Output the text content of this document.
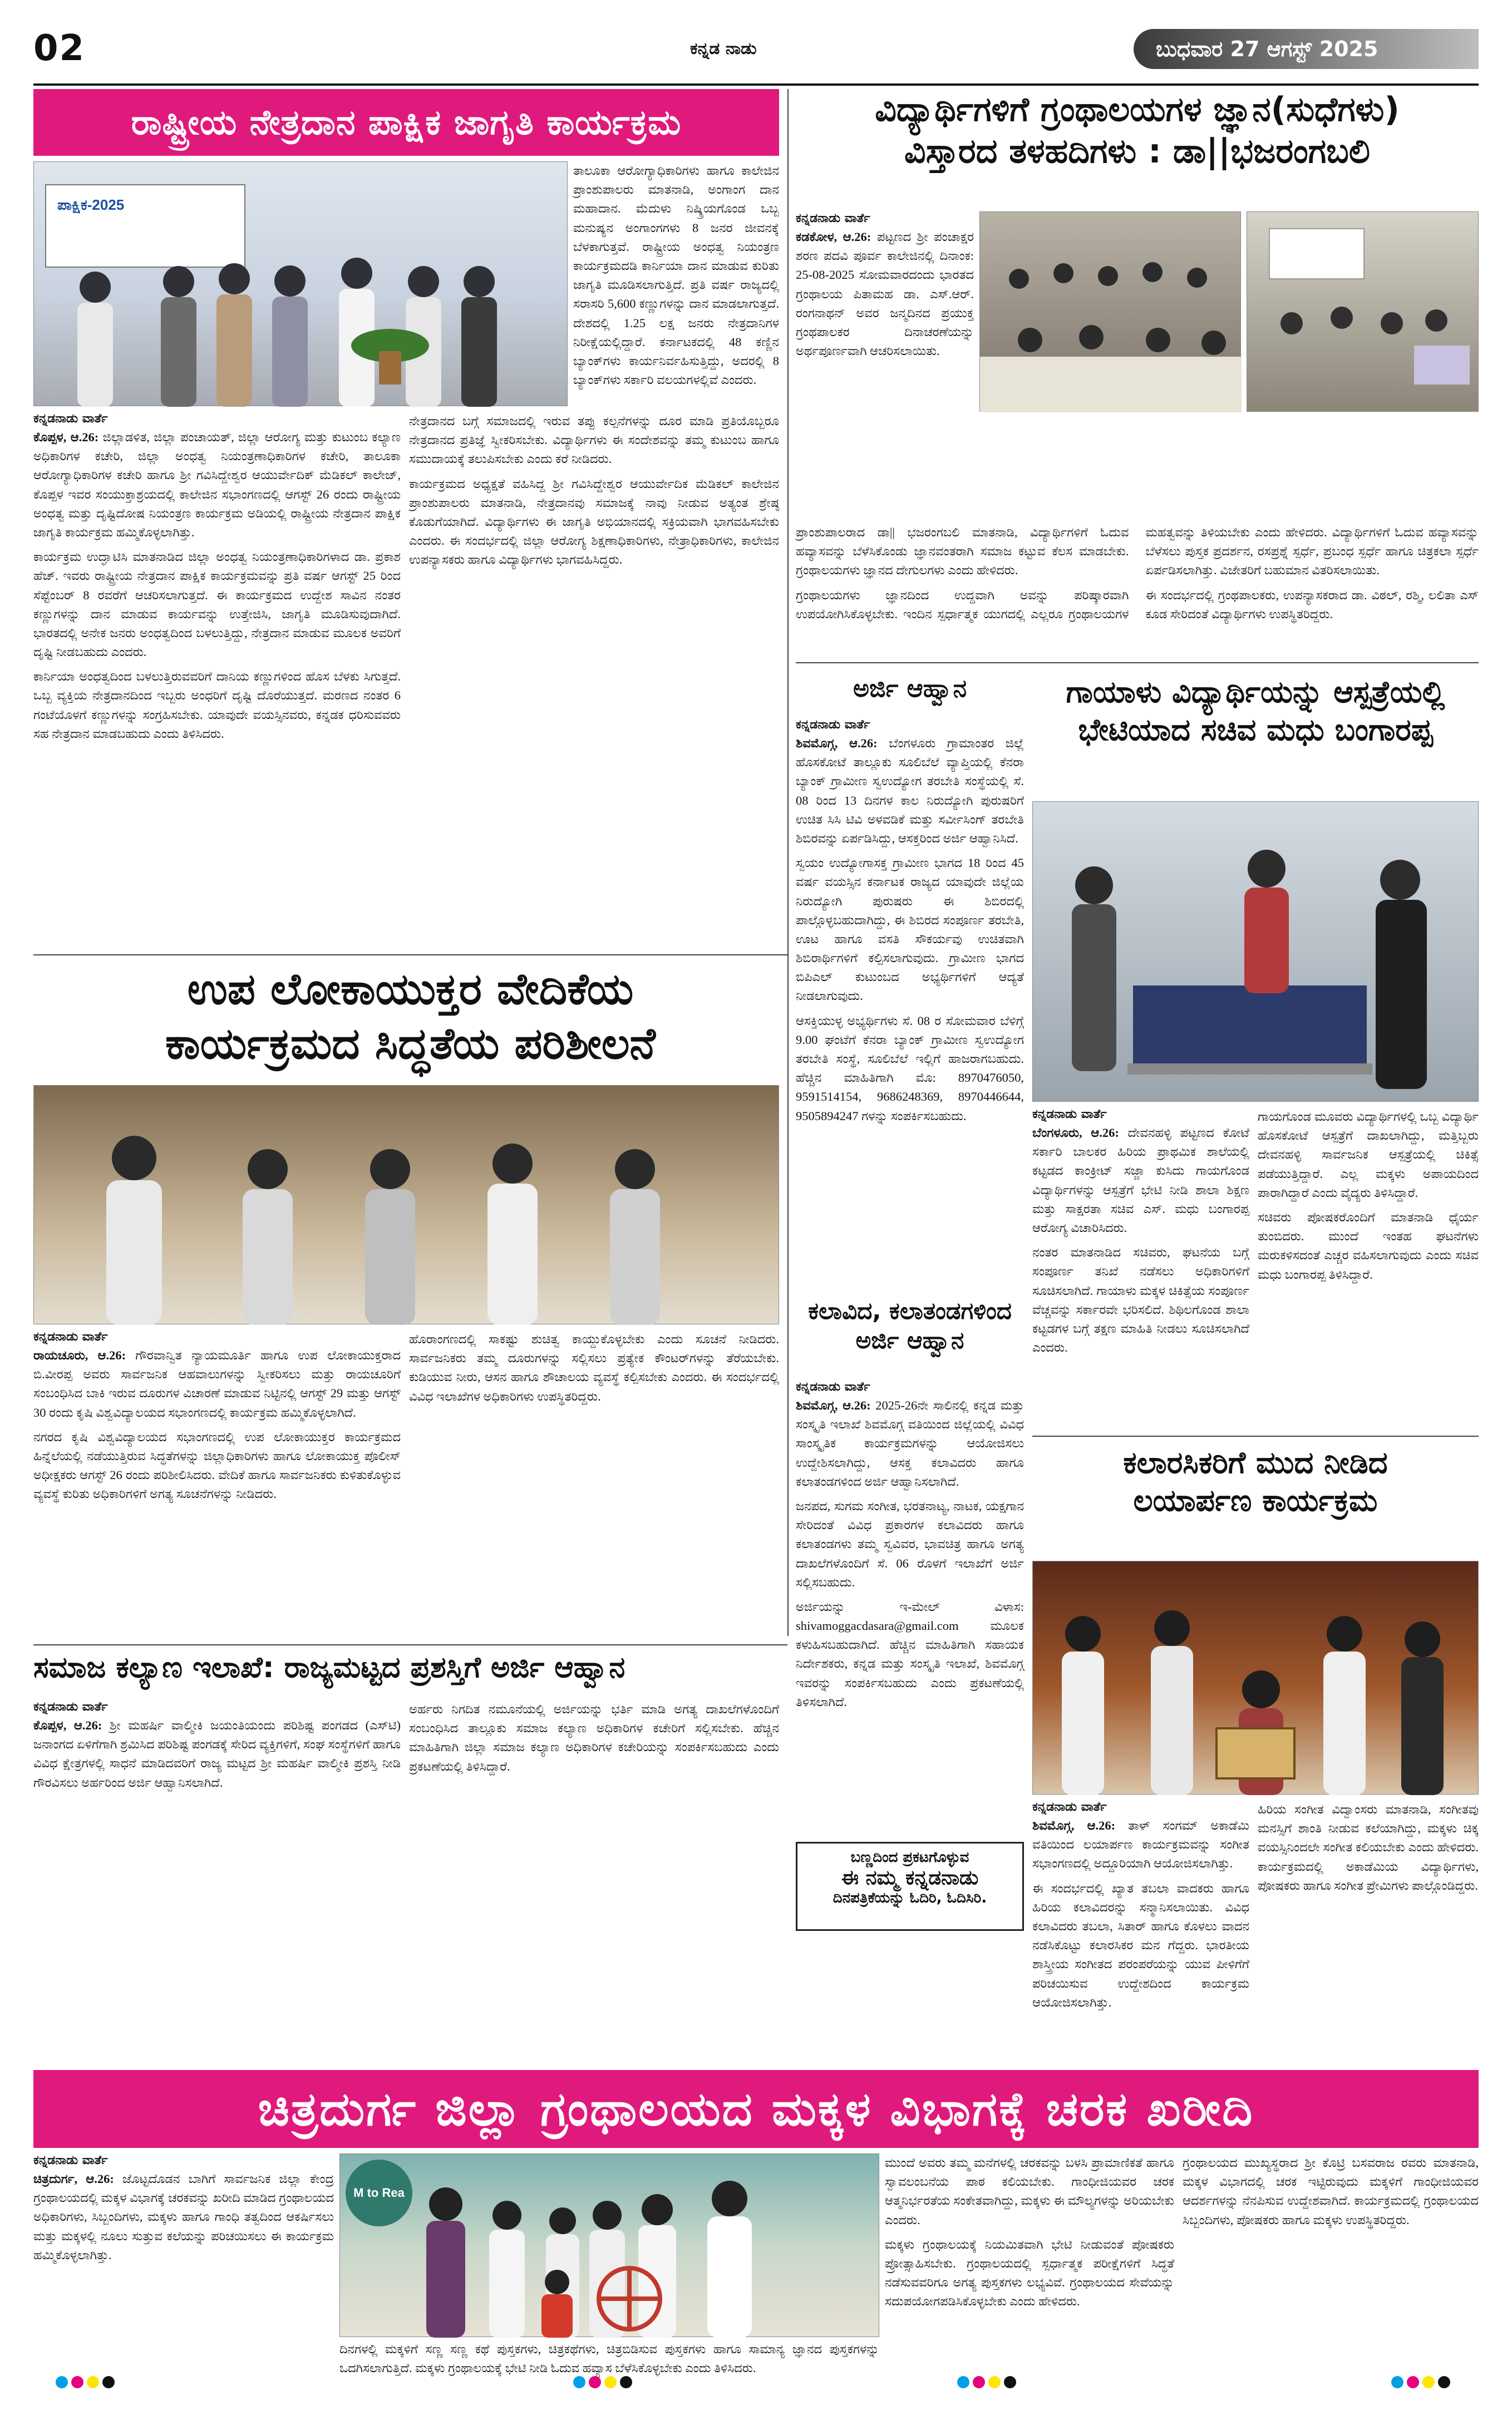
02	ಕನ್ನಡ ನಾಡು	ಬುಧವಾರ 27 ಆಗಸ್ಟ್ 2025
ರಾಷ್ಟ್ರೀಯ ನೇತ್ರದಾನ ಪಾಕ್ಷಿಕ ಜಾಗೃತಿ ಕಾರ್ಯಕ್ರಮ
ಪಾಕ್ಷಿಕ-2025

ತಾಲೂಕಾ ಆರೋಗ್ಯಾಧಿಕಾರಿಗಳು ಹಾಗೂ ಕಾಲೇಜಿನ ಪ್ರಾಂಶುಪಾಲರು ಮಾತನಾಡಿ, ಅಂಗಾಂಗ ದಾನ ಮಹಾದಾನ. ಮೆದುಳು ನಿಷ್ಕ್ರಿಯಗೊಂಡ ಒಬ್ಬ ಮನುಷ್ಯನ ಅಂಗಾಂಗಗಳು 8 ಜನರ ಜೀವನಕ್ಕೆ ಬೆಳಕಾಗುತ್ತವೆ. ರಾಷ್ಟ್ರೀಯ ಅಂಧತ್ವ ನಿಯಂತ್ರಣ ಕಾರ್ಯಕ್ರಮದಡಿ ಕಾರ್ನಿಯಾ ದಾನ ಮಾಡುವ ಕುರಿತು ಜಾಗೃತಿ ಮೂಡಿಸಲಾಗುತ್ತಿದೆ. ಪ್ರತಿ ವರ್ಷ ರಾಜ್ಯದಲ್ಲಿ ಸರಾಸರಿ 5,600 ಕಣ್ಣುಗಳನ್ನು ದಾನ ಮಾಡಲಾಗುತ್ತದೆ. ದೇಶದಲ್ಲಿ 1.25 ಲಕ್ಷ ಜನರು ನೇತ್ರದಾನಿಗಳ ನಿರೀಕ್ಷೆಯಲ್ಲಿದ್ದಾರೆ. ಕರ್ನಾಟಕದಲ್ಲಿ 48 ಕಣ್ಣಿನ ಬ್ಯಾಂಕ್‌ಗಳು ಕಾರ್ಯನಿರ್ವಹಿಸುತ್ತಿದ್ದು, ಅದರಲ್ಲಿ 8 ಬ್ಯಾಂಕ್‌ಗಳು ಸರ್ಕಾರಿ ವಲಯಗಳಲ್ಲಿವೆ ಎಂದರು.

ಕನ್ನಡನಾಡು ವಾರ್ತೆ

ಕೊಪ್ಪಳ, ಆ.26: ಜಿಲ್ಲಾಡಳಿತ, ಜಿಲ್ಲಾ ಪಂಚಾಯತ್, ಜಿಲ್ಲಾ ಆರೋಗ್ಯ ಮತ್ತು ಕುಟುಂಬ ಕಲ್ಯಾಣ ಅಧಿಕಾರಿಗಳ ಕಚೇರಿ, ಜಿಲ್ಲಾ ಅಂಧತ್ವ ನಿಯಂತ್ರಣಾಧಿಕಾರಿಗಳ ಕಚೇರಿ, ತಾಲೂಕಾ ಆರೋಗ್ಯಾಧಿಕಾರಿಗಳ ಕಚೇರಿ ಹಾಗೂ ಶ್ರೀ ಗವಿಸಿದ್ದೇಶ್ವರ ಆಯುರ್ವೇದಿಕ್ ಮೆಡಿಕಲ್ ಕಾಲೇಜ್, ಕೊಪ್ಪಳ ಇವರ ಸಂಯುಕ್ತಾಶ್ರಯದಲ್ಲಿ ಕಾಲೇಜಿನ ಸಭಾಂಗಣದಲ್ಲಿ ಆಗಸ್ಟ್ 26 ರಂದು ರಾಷ್ಟ್ರೀಯ ಅಂಧತ್ವ ಮತ್ತು ದೃಷ್ಟಿದೋಷ ನಿಯಂತ್ರಣ ಕಾರ್ಯಕ್ರಮ ಅಡಿಯಲ್ಲಿ ರಾಷ್ಟ್ರೀಯ ನೇತ್ರದಾನ ಪಾಕ್ಷಿಕ ಜಾಗೃತಿ ಕಾರ್ಯಕ್ರಮ ಹಮ್ಮಿಕೊಳ್ಳಲಾಗಿತ್ತು.

ಕಾರ್ಯಕ್ರಮ ಉದ್ಘಾಟಿಸಿ ಮಾತನಾಡಿದ ಜಿಲ್ಲಾ ಅಂಧತ್ವ ನಿಯಂತ್ರಣಾಧಿಕಾರಿಗಳಾದ ಡಾ. ಪ್ರಕಾಶ ಹೆಚ್. ಇವರು ರಾಷ್ಟ್ರೀಯ ನೇತ್ರದಾನ ಪಾಕ್ಷಿಕ ಕಾರ್ಯಕ್ರಮವನ್ನು ಪ್ರತಿ ವರ್ಷ ಆಗಸ್ಟ್ 25 ರಿಂದ ಸೆಪ್ಟೆಂಬರ್ 8 ರವರೆಗೆ ಆಚರಿಸಲಾಗುತ್ತದೆ. ಈ ಕಾರ್ಯಕ್ರಮದ ಉದ್ದೇಶ ಸಾವಿನ ನಂತರ ಕಣ್ಣುಗಳನ್ನು ದಾನ ಮಾಡುವ ಕಾರ್ಯವನ್ನು ಉತ್ತೇಜಿಸಿ, ಜಾಗೃತಿ ಮೂಡಿಸುವುದಾಗಿದೆ. ಭಾರತದಲ್ಲಿ ಅನೇಕ ಜನರು ಅಂಧತ್ವದಿಂದ ಬಳಲುತ್ತಿದ್ದು, ನೇತ್ರದಾನ ಮಾಡುವ ಮೂಲಕ ಅವರಿಗೆ ದೃಷ್ಟಿ ನೀಡಬಹುದು ಎಂದರು.

ಕಾರ್ನಿಯಾ ಅಂಧತ್ವದಿಂದ ಬಳಲುತ್ತಿರುವವರಿಗೆ ದಾನಿಯ ಕಣ್ಣುಗಳಿಂದ ಹೊಸ ಬೆಳಕು ಸಿಗುತ್ತದೆ. ಒಬ್ಬ ವ್ಯಕ್ತಿಯ ನೇತ್ರದಾನದಿಂದ ಇಬ್ಬರು ಅಂಧರಿಗೆ ದೃಷ್ಟಿ ದೊರೆಯುತ್ತದೆ. ಮರಣದ ನಂತರ 6 ಗಂಟೆಯೊಳಗೆ ಕಣ್ಣುಗಳನ್ನು ಸಂಗ್ರಹಿಸಬೇಕು. ಯಾವುದೇ ವಯಸ್ಸಿನವರು, ಕನ್ನಡಕ ಧರಿಸುವವರು ಸಹ ನೇತ್ರದಾನ ಮಾಡಬಹುದು ಎಂದು ತಿಳಿಸಿದರು.

ನೇತ್ರದಾನದ ಬಗ್ಗೆ ಸಮಾಜದಲ್ಲಿ ಇರುವ ತಪ್ಪು ಕಲ್ಪನೆಗಳನ್ನು ದೂರ ಮಾಡಿ ಪ್ರತಿಯೊಬ್ಬರೂ ನೇತ್ರದಾನದ ಪ್ರತಿಜ್ಞೆ ಸ್ವೀಕರಿಸಬೇಕು. ವಿದ್ಯಾರ್ಥಿಗಳು ಈ ಸಂದೇಶವನ್ನು ತಮ್ಮ ಕುಟುಂಬ ಹಾಗೂ ಸಮುದಾಯಕ್ಕೆ ತಲುಪಿಸಬೇಕು ಎಂದು ಕರೆ ನೀಡಿದರು.

ಕಾರ್ಯಕ್ರಮದ ಅಧ್ಯಕ್ಷತೆ ವಹಿಸಿದ್ದ ಶ್ರೀ ಗವಿಸಿದ್ದೇಶ್ವರ ಆಯುರ್ವೇದಿಕ ಮೆಡಿಕಲ್ ಕಾಲೇಜಿನ ಪ್ರಾಂಶುಪಾಲರು ಮಾತನಾಡಿ, ನೇತ್ರದಾನವು ಸಮಾಜಕ್ಕೆ ನಾವು ನೀಡುವ ಅತ್ಯಂತ ಶ್ರೇಷ್ಠ ಕೊಡುಗೆಯಾಗಿದೆ. ವಿದ್ಯಾರ್ಥಿಗಳು ಈ ಜಾಗೃತಿ ಅಭಿಯಾನದಲ್ಲಿ ಸಕ್ರಿಯವಾಗಿ ಭಾಗವಹಿಸಬೇಕು ಎಂದರು. ಈ ಸಂದರ್ಭದಲ್ಲಿ ಜಿಲ್ಲಾ ಆರೋಗ್ಯ ಶಿಕ್ಷಣಾಧಿಕಾರಿಗಳು, ನೇತ್ರಾಧಿಕಾರಿಗಳು, ಕಾಲೇಜಿನ ಉಪನ್ಯಾಸಕರು ಹಾಗೂ ವಿದ್ಯಾರ್ಥಿಗಳು ಭಾಗವಹಿಸಿದ್ದರು.

ವಿದ್ಯಾರ್ಥಿಗಳಿಗೆ ಗ್ರಂಥಾಲಯಗಳ ಜ್ಞಾನ(ಸುಧೆಗಳು)
ವಿಸ್ತಾರದ ತಳಹದಿಗಳು : ಡಾ||ಭಜರಂಗಬಲಿ
ಕನ್ನಡನಾಡು ವಾರ್ತೆ

ಕಡಕೋಳ, ಆ.26: ಪಟ್ಟಣದ ಶ್ರೀ ಪಂಚಾಕ್ಷರ ಶರಣ ಪದವಿ ಪೂರ್ವ ಕಾಲೇಜಿನಲ್ಲಿ ದಿನಾಂಕ: 25-08-2025 ಸೋಮವಾರದಂದು ಭಾರತದ ಗ್ರಂಥಾಲಯ ಪಿತಾಮಹ ಡಾ. ಎಸ್.ಆರ್. ರಂಗನಾಥನ್ ಅವರ ಜನ್ಮದಿನದ ಪ್ರಯುಕ್ತ ಗ್ರಂಥಪಾಲಕರ ದಿನಾಚರಣೆಯನ್ನು ಅರ್ಥಪೂರ್ಣವಾಗಿ ಆಚರಿಸಲಾಯಿತು.

ಪ್ರಾಂಶುಪಾಲರಾದ ಡಾ|| ಭಜರಂಗಬಲಿ ಮಾತನಾಡಿ, ವಿದ್ಯಾರ್ಥಿಗಳಿಗೆ ಓದುವ ಹವ್ಯಾಸವನ್ನು ಬೆಳೆಸಿಕೊಂಡು ಜ್ಞಾನವಂತರಾಗಿ ಸಮಾಜ ಕಟ್ಟುವ ಕೆಲಸ ಮಾಡಬೇಕು. ಗ್ರಂಥಾಲಯಗಳು ಜ್ಞಾನದ ದೇಗುಲಗಳು ಎಂದು ಹೇಳಿದರು.

ಗ್ರಂಥಾಲಯಗಳು ಜ್ಞಾನದಿಂದ ಉದ್ದವಾಗಿ ಅವನ್ನು ಪರಿಷ್ಕಾರವಾಗಿ ಉಪಯೋಗಿಸಿಕೊಳ್ಳಬೇಕು. ಇಂದಿನ ಸ್ಪರ್ಧಾತ್ಮಕ ಯುಗದಲ್ಲಿ ಎಲ್ಲರೂ ಗ್ರಂಥಾಲಯಗಳ ಮಹತ್ವವನ್ನು ತಿಳಿಯಬೇಕು ಎಂದು ಹೇಳಿದರು. ವಿದ್ಯಾರ್ಥಿಗಳಿಗೆ ಓದುವ ಹವ್ಯಾಸವನ್ನು ಬೆಳೆಸಲು ಪುಸ್ತಕ ಪ್ರದರ್ಶನ, ರಸಪ್ರಶ್ನೆ ಸ್ಪರ್ಧೆ, ಪ್ರಬಂಧ ಸ್ಪರ್ಧೆ ಹಾಗೂ ಚಿತ್ರಕಲಾ ಸ್ಪರ್ಧೆ ಏರ್ಪಡಿಸಲಾಗಿತ್ತು. ವಿಜೇತರಿಗೆ ಬಹುಮಾನ ವಿತರಿಸಲಾಯಿತು.

ಈ ಸಂದರ್ಭದಲ್ಲಿ ಗ್ರಂಥಪಾಲಕರು, ಉಪನ್ಯಾಸಕರಾದ ಡಾ. ವಿಠಲ್, ರಶ್ಮಿ, ಲಲಿತಾ ಎಸ್ ಕೂಡ ಸೇರಿದಂತೆ ವಿದ್ಯಾರ್ಥಿಗಳು ಉಪಸ್ಥಿತರಿದ್ದರು.

ಅರ್ಜಿ ಆಹ್ವಾನ
ಕನ್ನಡನಾಡು ವಾರ್ತೆ

ಶಿವಮೊಗ್ಗ, ಆ.26: ಬೆಂಗಳೂರು ಗ್ರಾಮಾಂತರ ಜಿಲ್ಲೆ ಹೊಸಕೋಟೆ ತಾಲ್ಲೂಕು ಸೂಲಿಬೆಲೆ ವ್ಯಾಪ್ತಿಯಲ್ಲಿ ಕೆನರಾ ಬ್ಯಾಂಕ್ ಗ್ರಾಮೀಣ ಸ್ವಉದ್ಯೋಗ ತರಬೇತಿ ಸಂಸ್ಥೆಯಲ್ಲಿ ಸೆ. 08 ರಿಂದ 13 ದಿನಗಳ ಕಾಲ ನಿರುದ್ಯೋಗಿ ಪುರುಷರಿಗೆ ಉಚಿತ ಸಿಸಿ ಟಿವಿ ಅಳವಡಿಕೆ ಮತ್ತು ಸರ್ವೀಸಿಂಗ್ ತರಬೇತಿ ಶಿಬಿರವನ್ನು ಏರ್ಪಡಿಸಿದ್ದು, ಆಸಕ್ತರಿಂದ ಅರ್ಜಿ ಆಹ್ವಾನಿಸಿದೆ.

ಸ್ವಯಂ ಉದ್ಯೋಗಾಸಕ್ತ ಗ್ರಾಮೀಣ ಭಾಗದ 18 ರಿಂದ 45 ವರ್ಷ ವಯಸ್ಸಿನ ಕರ್ನಾಟಕ ರಾಜ್ಯದ ಯಾವುದೇ ಜಿಲ್ಲೆಯ ನಿರುದ್ಯೋಗಿ ಪುರುಷರು ಈ ಶಿಬಿರದಲ್ಲಿ ಪಾಲ್ಗೊಳ್ಳಬಹುದಾಗಿದ್ದು, ಈ ಶಿಬಿರದ ಸಂಪೂರ್ಣ ತರಬೇತಿ, ಊಟ ಹಾಗೂ ವಸತಿ ಸೌಕರ್ಯವು ಉಚಿತವಾಗಿ ಶಿಬಿರಾರ್ಥಿಗಳಿಗೆ ಕಲ್ಪಿಸಲಾಗುವುದು. ಗ್ರಾಮೀಣ ಭಾಗದ ಬಿಪಿಎಲ್ ಕುಟುಂಬದ ಅಭ್ಯರ್ಥಿಗಳಿಗೆ ಆದ್ಯತೆ ನೀಡಲಾಗುವುದು.

ಆಸಕ್ತಿಯುಳ್ಳ ಅಭ್ಯರ್ಥಿಗಳು ಸೆ. 08 ರ ಸೋಮವಾರ ಬೆಳಿಗ್ಗೆ 9.00 ಘಂಟೆಗೆ ಕೆನರಾ ಬ್ಯಾಂಕ್ ಗ್ರಾಮೀಣ ಸ್ವಉದ್ಯೋಗ ತರಬೇತಿ ಸಂಸ್ಥೆ, ಸೂಲಿಬೆಲೆ ಇಲ್ಲಿಗೆ ಹಾಜರಾಗಬಹುದು. ಹೆಚ್ಚಿನ ಮಾಹಿತಿಗಾಗಿ ಮೊ: 8970476050, 9591514154, 9686248369, 8970446644, 9505894247 ಗಳನ್ನು ಸಂಪರ್ಕಿಸಬಹುದು.

ಗಾಯಾಳು ವಿದ್ಯಾರ್ಥಿಯನ್ನು ಆಸ್ಪತ್ರೆಯಲ್ಲಿ
ಭೇಟಿಯಾದ ಸಚಿವ ಮಧು ಬಂಗಾರಪ್ಪ
ಕನ್ನಡನಾಡು ವಾರ್ತೆ

ಬೆಂಗಳೂರು, ಆ.26: ದೇವನಹಳ್ಳಿ ಪಟ್ಟಣದ ಕೋಟೆ ಸರ್ಕಾರಿ ಬಾಲಕರ ಹಿರಿಯ ಪ್ರಾಥಮಿಕ ಶಾಲೆಯಲ್ಲಿ ಕಟ್ಟಡದ ಕಾಂಕ್ರೀಟ್ ಸಜ್ಜಾ ಕುಸಿದು ಗಾಯಗೊಂಡ ವಿದ್ಯಾರ್ಥಿಗಳನ್ನು ಆಸ್ಪತ್ರೆಗೆ ಭೇಟಿ ನೀಡಿ ಶಾಲಾ ಶಿಕ್ಷಣ ಮತ್ತು ಸಾಕ್ಷರತಾ ಸಚಿವ ಎಸ್. ಮಧು ಬಂಗಾರಪ್ಪ ಆರೋಗ್ಯ ವಿಚಾರಿಸಿದರು.

ನಂತರ ಮಾತನಾಡಿದ ಸಚಿವರು, ಘಟನೆಯ ಬಗ್ಗೆ ಸಂಪೂರ್ಣ ತನಿಖೆ ನಡೆಸಲು ಅಧಿಕಾರಿಗಳಿಗೆ ಸೂಚಿಸಲಾಗಿದೆ. ಗಾಯಾಳು ಮಕ್ಕಳ ಚಿಕಿತ್ಸೆಯ ಸಂಪೂರ್ಣ ವೆಚ್ಚವನ್ನು ಸರ್ಕಾರವೇ ಭರಿಸಲಿದೆ. ಶಿಥಿಲಗೊಂಡ ಶಾಲಾ ಕಟ್ಟಡಗಳ ಬಗ್ಗೆ ತಕ್ಷಣ ಮಾಹಿತಿ ನೀಡಲು ಸೂಚಿಸಲಾಗಿದೆ ಎಂದರು.

ಗಾಯಗೊಂಡ ಮೂವರು ವಿದ್ಯಾರ್ಥಿಗಳಲ್ಲಿ ಒಬ್ಬ ವಿದ್ಯಾರ್ಥಿ ಹೊಸಕೋಟೆ ಆಸ್ಪತ್ರೆಗೆ ದಾಖಲಾಗಿದ್ದು, ಮತ್ತಿಬ್ಬರು ದೇವನಹಳ್ಳಿ ಸಾರ್ವಜನಿಕ ಆಸ್ಪತ್ರೆಯಲ್ಲಿ ಚಿಕಿತ್ಸೆ ಪಡೆಯುತ್ತಿದ್ದಾರೆ. ಎಲ್ಲ ಮಕ್ಕಳು ಅಪಾಯದಿಂದ ಪಾರಾಗಿದ್ದಾರೆ ಎಂದು ವೈದ್ಯರು ತಿಳಿಸಿದ್ದಾರೆ.

ಸಚಿವರು ಪೋಷಕರೊಂದಿಗೆ ಮಾತನಾಡಿ ಧೈರ್ಯ ತುಂಬಿದರು. ಮುಂದೆ ಇಂತಹ ಘಟನೆಗಳು ಮರುಕಳಿಸದಂತೆ ಎಚ್ಚರ ವಹಿಸಲಾಗುವುದು ಎಂದು ಸಚಿವ ಮಧು ಬಂಗಾರಪ್ಪ ತಿಳಿಸಿದ್ದಾರೆ.

ಉಪ ಲೋಕಾಯುಕ್ತರ ವೇದಿಕೆಯ
ಕಾರ್ಯಕ್ರಮದ ಸಿದ್ಧತೆಯ ಪರಿಶೀಲನೆ
ಕನ್ನಡನಾಡು ವಾರ್ತೆ

ರಾಯಚೂರು, ಆ.26: ಗೌರವಾನ್ವಿತ ನ್ಯಾಯಮೂರ್ತಿ ಹಾಗೂ ಉಪ ಲೋಕಾಯುಕ್ತರಾದ ಬಿ.ವೀರಪ್ಪ ಅವರು ಸಾರ್ವಜನಿಕ ಆಹವಾಲುಗಳನ್ನು ಸ್ವೀಕರಿಸಲು ಮತ್ತು ರಾಯಚೂರಿಗೆ ಸಂಬಂಧಿಸಿದ ಬಾಕಿ ಇರುವ ದೂರುಗಳ ವಿಚಾರಣೆ ಮಾಡುವ ನಿಟ್ಟಿನಲ್ಲಿ ಆಗಸ್ಟ್ 29 ಮತ್ತು ಆಗಸ್ಟ್ 30 ರಂದು ಕೃಷಿ ವಿಶ್ವವಿದ್ಯಾಲಯದ ಸಭಾಂಗಣದಲ್ಲಿ ಕಾರ್ಯಕ್ರಮ ಹಮ್ಮಿಕೊಳ್ಳಲಾಗಿದೆ.

ನಗರದ ಕೃಷಿ ವಿಶ್ವವಿದ್ಯಾಲಯದ ಸಭಾಂಗಣದಲ್ಲಿ ಉಪ ಲೋಕಾಯುಕ್ತರ ಕಾರ್ಯಕ್ರಮದ ಹಿನ್ನೆಲೆಯಲ್ಲಿ ನಡೆಯುತ್ತಿರುವ ಸಿದ್ಧತೆಗಳನ್ನು ಜಿಲ್ಲಾಧಿಕಾರಿಗಳು ಹಾಗೂ ಲೋಕಾಯುಕ್ತ ಪೊಲೀಸ್ ಅಧೀಕ್ಷಕರು ಆಗಸ್ಟ್ 26 ರಂದು ಪರಿಶೀಲಿಸಿದರು. ವೇದಿಕೆ ಹಾಗೂ ಸಾರ್ವಜನಿಕರು ಕುಳಿತುಕೊಳ್ಳುವ ವ್ಯವಸ್ಥೆ ಕುರಿತು ಅಧಿಕಾರಿಗಳಿಗೆ ಅಗತ್ಯ ಸೂಚನೆಗಳನ್ನು ನೀಡಿದರು.

ಹೊರಾಂಗಣದಲ್ಲಿ ಸಾಕಷ್ಟು ಶುಚಿತ್ವ ಕಾಯ್ದುಕೊಳ್ಳಬೇಕು ಎಂದು ಸೂಚನೆ ನೀಡಿದರು. ಸಾರ್ವಜನಿಕರು ತಮ್ಮ ದೂರುಗಳನ್ನು ಸಲ್ಲಿಸಲು ಪ್ರತ್ಯೇಕ ಕೌಂಟರ್‌ಗಳನ್ನು ತೆರೆಯಬೇಕು. ಕುಡಿಯುವ ನೀರು, ಆಸನ ಹಾಗೂ ಶೌಚಾಲಯ ವ್ಯವಸ್ಥೆ ಕಲ್ಪಿಸಬೇಕು ಎಂದರು. ಈ ಸಂದರ್ಭದಲ್ಲಿ ವಿವಿಧ ಇಲಾಖೆಗಳ ಅಧಿಕಾರಿಗಳು ಉಪಸ್ಥಿತರಿದ್ದರು.

ಕಲಾವಿದ, ಕಲಾತಂಡಗಳಿಂದ
ಅರ್ಜಿ ಆಹ್ವಾನ
ಕನ್ನಡನಾಡು ವಾರ್ತೆ

ಶಿವಮೊಗ್ಗ, ಆ.26: 2025-26ನೇ ಸಾಲಿನಲ್ಲಿ ಕನ್ನಡ ಮತ್ತು ಸಂಸ್ಕೃತಿ ಇಲಾಖೆ ಶಿವಮೊಗ್ಗ ವತಿಯಿಂದ ಜಿಲ್ಲೆಯಲ್ಲಿ ವಿವಿಧ ಸಾಂಸ್ಕೃತಿಕ ಕಾರ್ಯಕ್ರಮಗಳನ್ನು ಆಯೋಜಿಸಲು ಉದ್ದೇಶಿಸಲಾಗಿದ್ದು, ಆಸಕ್ತ ಕಲಾವಿದರು ಹಾಗೂ ಕಲಾತಂಡಗಳಿಂದ ಅರ್ಜಿ ಆಹ್ವಾನಿಸಲಾಗಿದೆ.

ಜನಪದ, ಸುಗಮ ಸಂಗೀತ, ಭರತನಾಟ್ಯ, ನಾಟಕ, ಯಕ್ಷಗಾನ ಸೇರಿದಂತೆ ವಿವಿಧ ಪ್ರಕಾರಗಳ ಕಲಾವಿದರು ಹಾಗೂ ಕಲಾತಂಡಗಳು ತಮ್ಮ ಸ್ವವಿವರ, ಭಾವಚಿತ್ರ ಹಾಗೂ ಅಗತ್ಯ ದಾಖಲೆಗಳೊಂದಿಗೆ ಸೆ. 06 ರೊಳಗೆ ಇಲಾಖೆಗೆ ಅರ್ಜಿ ಸಲ್ಲಿಸಬಹುದು.

ಅರ್ಜಿಯನ್ನು ಇ-ಮೇಲ್ ವಿಳಾಸ: shivamoggacdasara@gmail.com ಮೂಲಕ ಕಳುಹಿಸಬಹುದಾಗಿದೆ. ಹೆಚ್ಚಿನ ಮಾಹಿತಿಗಾಗಿ ಸಹಾಯಕ ನಿರ್ದೇಶಕರು, ಕನ್ನಡ ಮತ್ತು ಸಂಸ್ಕೃತಿ ಇಲಾಖೆ, ಶಿವಮೊಗ್ಗ ಇವರನ್ನು ಸಂಪರ್ಕಿಸಬಹುದು ಎಂದು ಪ್ರಕಟಣೆಯಲ್ಲಿ ತಿಳಿಸಲಾಗಿದೆ.

ಕಲಾರಸಿಕರಿಗೆ ಮುದ ನೀಡಿದ
ಲಯಾರ್ಪಣ ಕಾರ್ಯಕ್ರಮ
ಕನ್ನಡನಾಡು ವಾರ್ತೆ

ಶಿವಮೊಗ್ಗ, ಆ.26: ತಾಳ್ ಸಂಗಮ್ ಅಕಾಡೆಮಿ ವತಿಯಿಂದ ಲಯಾರ್ಪಣ ಕಾರ್ಯಕ್ರಮವನ್ನು ಸಂಗೀತ ಸಭಾಂಗಣದಲ್ಲಿ ಅದ್ದೂರಿಯಾಗಿ ಆಯೋಜಿಸಲಾಗಿತ್ತು.

ಈ ಸಂದರ್ಭದಲ್ಲಿ ಖ್ಯಾತ ತಬಲಾ ವಾದಕರು ಹಾಗೂ ಹಿರಿಯ ಕಲಾವಿದರನ್ನು ಸನ್ಮಾನಿಸಲಾಯಿತು. ವಿವಿಧ ಕಲಾವಿದರು ತಬಲಾ, ಸಿತಾರ್ ಹಾಗೂ ಕೊಳಲು ವಾದನ ನಡೆಸಿಕೊಟ್ಟು ಕಲಾರಸಿಕರ ಮನ ಗೆದ್ದರು. ಭಾರತೀಯ ಶಾಸ್ತ್ರೀಯ ಸಂಗೀತದ ಪರಂಪರೆಯನ್ನು ಯುವ ಪೀಳಿಗೆಗೆ ಪರಿಚಯಿಸುವ ಉದ್ದೇಶದಿಂದ ಕಾರ್ಯಕ್ರಮ ಆಯೋಜಿಸಲಾಗಿತ್ತು.

ಹಿರಿಯ ಸಂಗೀತ ವಿದ್ವಾಂಸರು ಮಾತನಾಡಿ, ಸಂಗೀತವು ಮನಸ್ಸಿಗೆ ಶಾಂತಿ ನೀಡುವ ಕಲೆಯಾಗಿದ್ದು, ಮಕ್ಕಳು ಚಿಕ್ಕ ವಯಸ್ಸಿನಿಂದಲೇ ಸಂಗೀತ ಕಲಿಯಬೇಕು ಎಂದು ಹೇಳಿದರು. ಕಾರ್ಯಕ್ರಮದಲ್ಲಿ ಅಕಾಡೆಮಿಯ ವಿದ್ಯಾರ್ಥಿಗಳು, ಪೋಷಕರು ಹಾಗೂ ಸಂಗೀತ ಪ್ರೇಮಿಗಳು ಪಾಲ್ಗೊಂಡಿದ್ದರು.

ಸಮಾಜ ಕಲ್ಯಾಣ ಇಲಾಖೆ: ರಾಜ್ಯಮಟ್ಟದ ಪ್ರಶಸ್ತಿಗೆ ಅರ್ಜಿ ಆಹ್ವಾನ
ಕನ್ನಡನಾಡು ವಾರ್ತೆ

ಕೊಪ್ಪಳ, ಆ.26: ಶ್ರೀ ಮಹರ್ಷಿ ವಾಲ್ಮೀಕಿ ಜಯಂತಿಯಂದು ಪರಿಶಿಷ್ಟ ಪಂಗಡದ (ಎಸ್‌ಟಿ) ಜನಾಂಗದ ಏಳಿಗೆಗಾಗಿ ಶ್ರಮಿಸಿದ ಪರಿಶಿಷ್ಟ ಪಂಗಡಕ್ಕೆ ಸೇರಿದ ವ್ಯಕ್ತಿಗಳಿಗೆ, ಸಂಘ ಸಂಸ್ಥೆಗಳಿಗೆ ಹಾಗೂ ವಿವಿಧ ಕ್ಷೇತ್ರಗಳಲ್ಲಿ ಸಾಧನೆ ಮಾಡಿದವರಿಗೆ ರಾಜ್ಯ ಮಟ್ಟದ ಶ್ರೀ ಮಹರ್ಷಿ ವಾಲ್ಮೀಕಿ ಪ್ರಶಸ್ತಿ ನೀಡಿ ಗೌರವಿಸಲು ಅರ್ಹರಿಂದ ಅರ್ಜಿ ಆಹ್ವಾನಿಸಲಾಗಿದೆ.

ಅರ್ಹರು ನಿಗದಿತ ನಮೂನೆಯಲ್ಲಿ ಅರ್ಜಿಯನ್ನು ಭರ್ತಿ ಮಾಡಿ ಅಗತ್ಯ ದಾಖಲೆಗಳೊಂದಿಗೆ ಸಂಬಂಧಿಸಿದ ತಾಲ್ಲೂಕು ಸಮಾಜ ಕಲ್ಯಾಣ ಅಧಿಕಾರಿಗಳ ಕಚೇರಿಗೆ ಸಲ್ಲಿಸಬೇಕು. ಹೆಚ್ಚಿನ ಮಾಹಿತಿಗಾಗಿ ಜಿಲ್ಲಾ ಸಮಾಜ ಕಲ್ಯಾಣ ಅಧಿಕಾರಿಗಳ ಕಚೇರಿಯನ್ನು ಸಂಪರ್ಕಿಸಬಹುದು ಎಂದು ಪ್ರಕಟಣೆಯಲ್ಲಿ ತಿಳಿಸಿದ್ದಾರೆ.

ಬಣ್ಣದಿಂದ ಪ್ರಕಟಗೊಳ್ಳುವ
ಈ ನಮ್ಮ ಕನ್ನಡನಾಡು
ದಿನಪತ್ರಿಕೆಯನ್ನು ಓದಿರಿ, ಓದಿಸಿರಿ.
ಚಿತ್ರದುರ್ಗ ಜಿಲ್ಲಾ ಗ್ರಂಥಾಲಯದ ಮಕ್ಕಳ ವಿಭಾಗಕ್ಕೆ ಚರಕ ಖರೀದಿ
ಕನ್ನಡನಾಡು ವಾರ್ತೆ

ಚಿತ್ರದುರ್ಗ, ಆ.26: ಜೊಟ್ಟದೊಡನ ಬಾಗಿಗೆ ಸಾರ್ವಜನಿಕ ಜಿಲ್ಲಾ ಕೇಂದ್ರ ಗ್ರಂಥಾಲಯದಲ್ಲಿ ಮಕ್ಕಳ ವಿಭಾಗಕ್ಕೆ ಚರಕವನ್ನು ಖರೀದಿ ಮಾಡಿದ ಗ್ರಂಥಾಲಯದ ಅಧಿಕಾರಿಗಳು, ಸಿಬ್ಬಂದಿಗಳು, ಮಕ್ಕಳು ಹಾಗೂ ಗಾಂಧಿ ತತ್ವದಿಂದ ಆಕರ್ಷಿಸಲು ಮತ್ತು ಮಕ್ಕಳಲ್ಲಿ ನೂಲು ಸುತ್ತುವ ಕಲೆಯನ್ನು ಪರಿಚಯಿಸಲು ಈ ಕಾರ್ಯಕ್ರಮ ಹಮ್ಮಿಕೊಳ್ಳಲಾಗಿತ್ತು.

M to Rea

ಮುಂದೆ ಅವರು ತಮ್ಮ ಮನೆಗಳಲ್ಲಿ ಚರಕವನ್ನು ಬಳಸಿ ಪ್ರಾಮಾಣಿಕತೆ ಹಾಗೂ ಸ್ವಾವಲಂಬನೆಯ ಪಾಠ ಕಲಿಯಬೇಕು. ಗಾಂಧೀಜಿಯವರ ಚರಕ ಆತ್ಮನಿರ್ಭರತೆಯ ಸಂಕೇತವಾಗಿದ್ದು, ಮಕ್ಕಳು ಈ ಮೌಲ್ಯಗಳನ್ನು ಅರಿಯಬೇಕು ಎಂದರು.

ಮಕ್ಕಳು ಗ್ರಂಥಾಲಯಕ್ಕೆ ನಿಯಮಿತವಾಗಿ ಭೇಟಿ ನೀಡುವಂತೆ ಪೋಷಕರು ಪ್ರೋತ್ಸಾಹಿಸಬೇಕು. ಗ್ರಂಥಾಲಯದಲ್ಲಿ ಸ್ಪರ್ಧಾತ್ಮಕ ಪರೀಕ್ಷೆಗಳಿಗೆ ಸಿದ್ಧತೆ ನಡೆಸುವವರಿಗೂ ಅಗತ್ಯ ಪುಸ್ತಕಗಳು ಲಭ್ಯವಿವೆ. ಗ್ರಂಥಾಲಯದ ಸೇವೆಯನ್ನು ಸದುಪಯೋಗಪಡಿಸಿಕೊಳ್ಳಬೇಕು ಎಂದು ಹೇಳಿದರು.

ಗ್ರಂಥಾಲಯದ ಮುಖ್ಯಸ್ಥರಾದ ಶ್ರೀ ಕೊಟ್ರಿ ಬಸವರಾಜ ರವರು ಮಾತನಾಡಿ, ಮಕ್ಕಳ ವಿಭಾಗದಲ್ಲಿ ಚರಕ ಇಟ್ಟಿರುವುದು ಮಕ್ಕಳಿಗೆ ಗಾಂಧೀಜಿಯವರ ಆದರ್ಶಗಳನ್ನು ನೆನಪಿಸುವ ಉದ್ದೇಶವಾಗಿದೆ. ಕಾರ್ಯಕ್ರಮದಲ್ಲಿ ಗ್ರಂಥಾಲಯದ ಸಿಬ್ಬಂದಿಗಳು, ಪೋಷಕರು ಹಾಗೂ ಮಕ್ಕಳು ಉಪಸ್ಥಿತರಿದ್ದರು.

ದಿನಗಳಲ್ಲಿ ಮಕ್ಕಳಿಗೆ ಸಣ್ಣ ಸಣ್ಣ ಕಥೆ ಪುಸ್ತಕಗಳು, ಚಿತ್ರಕಥೆಗಳು, ಚಿತ್ರಬಿಡಿಸುವ ಪುಸ್ತಕಗಳು ಹಾಗೂ ಸಾಮಾನ್ಯ ಜ್ಞಾನದ ಪುಸ್ತಕಗಳನ್ನು ಒದಗಿಸಲಾಗುತ್ತಿದೆ. ಮಕ್ಕಳು ಗ್ರಂಥಾಲಯಕ್ಕೆ ಭೇಟಿ ನೀಡಿ ಓದುವ ಹವ್ಯಾಸ ಬೆಳೆಸಿಕೊಳ್ಳಬೇಕು ಎಂದು ತಿಳಿಸಿದರು.
